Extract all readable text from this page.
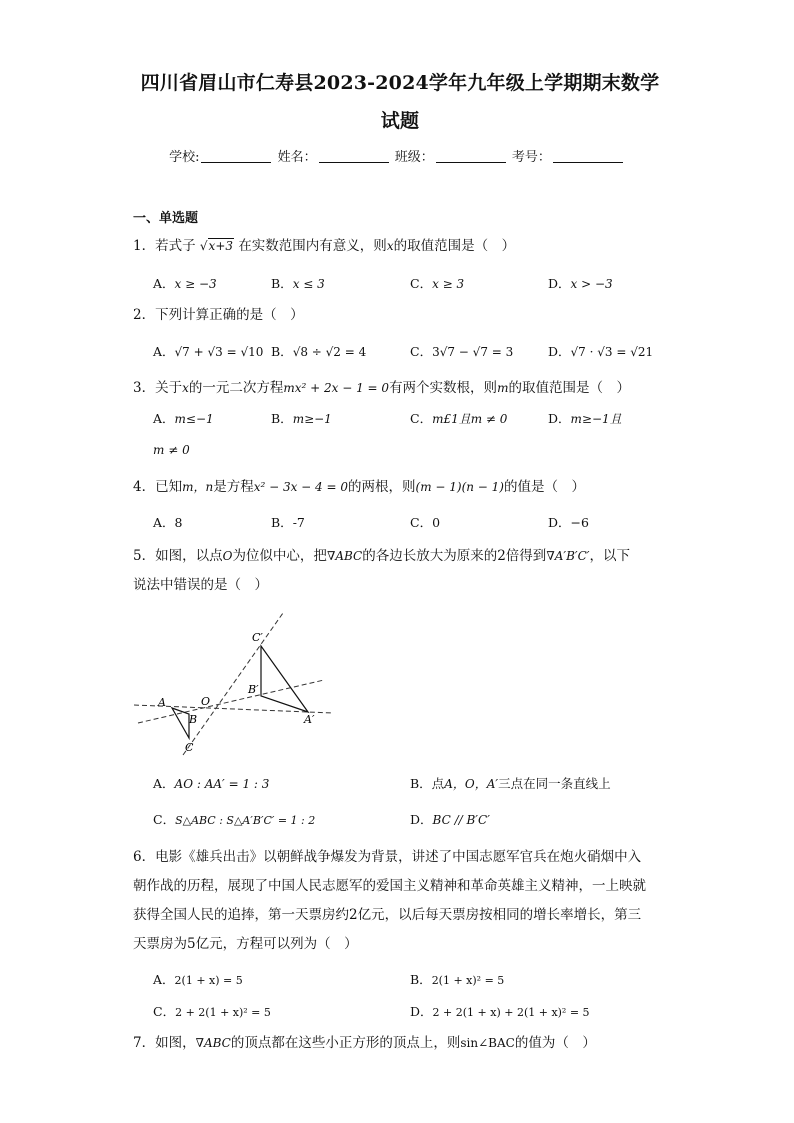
四川省眉山市仁寿县2023-2024学年九年级上学期期末数学
试题
学校:	姓名：	班级：	考号：
一、单选题
1．若式子 √x+3 在实数范围内有意义，则x的取值范围是（　）
A．x ≥ −3	B．x ≤ 3	C．x ≥ 3	D．x > −3
2．下列计算正确的是（　）
A．√7 + √3 = √10 B．√8 ÷ √2 = 4	C．3√7 − √7 = 3	D．√7 · √3 = √21
3．关于x的一元二次方程mx² + 2x − 1 = 0有两个实数根，则m的取值范围是（　）
A．m≤−1	B．m≥−1	C．m£1且m ≠ 0	D．m≥−1且
m ≠ 0
4．已知m，n是方程x² − 3x − 4 = 0的两根，则(m − 1)(n − 1)的值是（　）
A．8	B．-7	C．0	D．−6
5．如图，以点O为位似中心，把∇ABC的各边长放大为原来的2倍得到∇A′B′C′，以下
说法中错误的是（　）
C′
B′
A	O
B	A′
C
A．AO : AA′ = 1 : 3	B．点A，O，A′三点在同一条直线上
C．S△ABC : S△A′B′C′ = 1 : 2	D．BC // B′C′
6．电影《雄兵出击》以朝鲜战争爆发为背景，讲述了中国志愿军官兵在炮火硝烟中入
朝作战的历程，展现了中国人民志愿军的爱国主义精神和革命英雄主义精神，一上映就
获得全国人民的追捧，第一天票房约2亿元，以后每天票房按相同的增长率增长，第三
天票房为5亿元，方程可以列为（　）
A．2(1 + x) = 5	B．2(1 + x)² = 5
C．2 + 2(1 + x)² = 5	D．2 + 2(1 + x) + 2(1 + x)² = 5
7．如图，∇ABC的顶点都在这些小正方形的顶点上，则sin∠BAC的值为（　）
